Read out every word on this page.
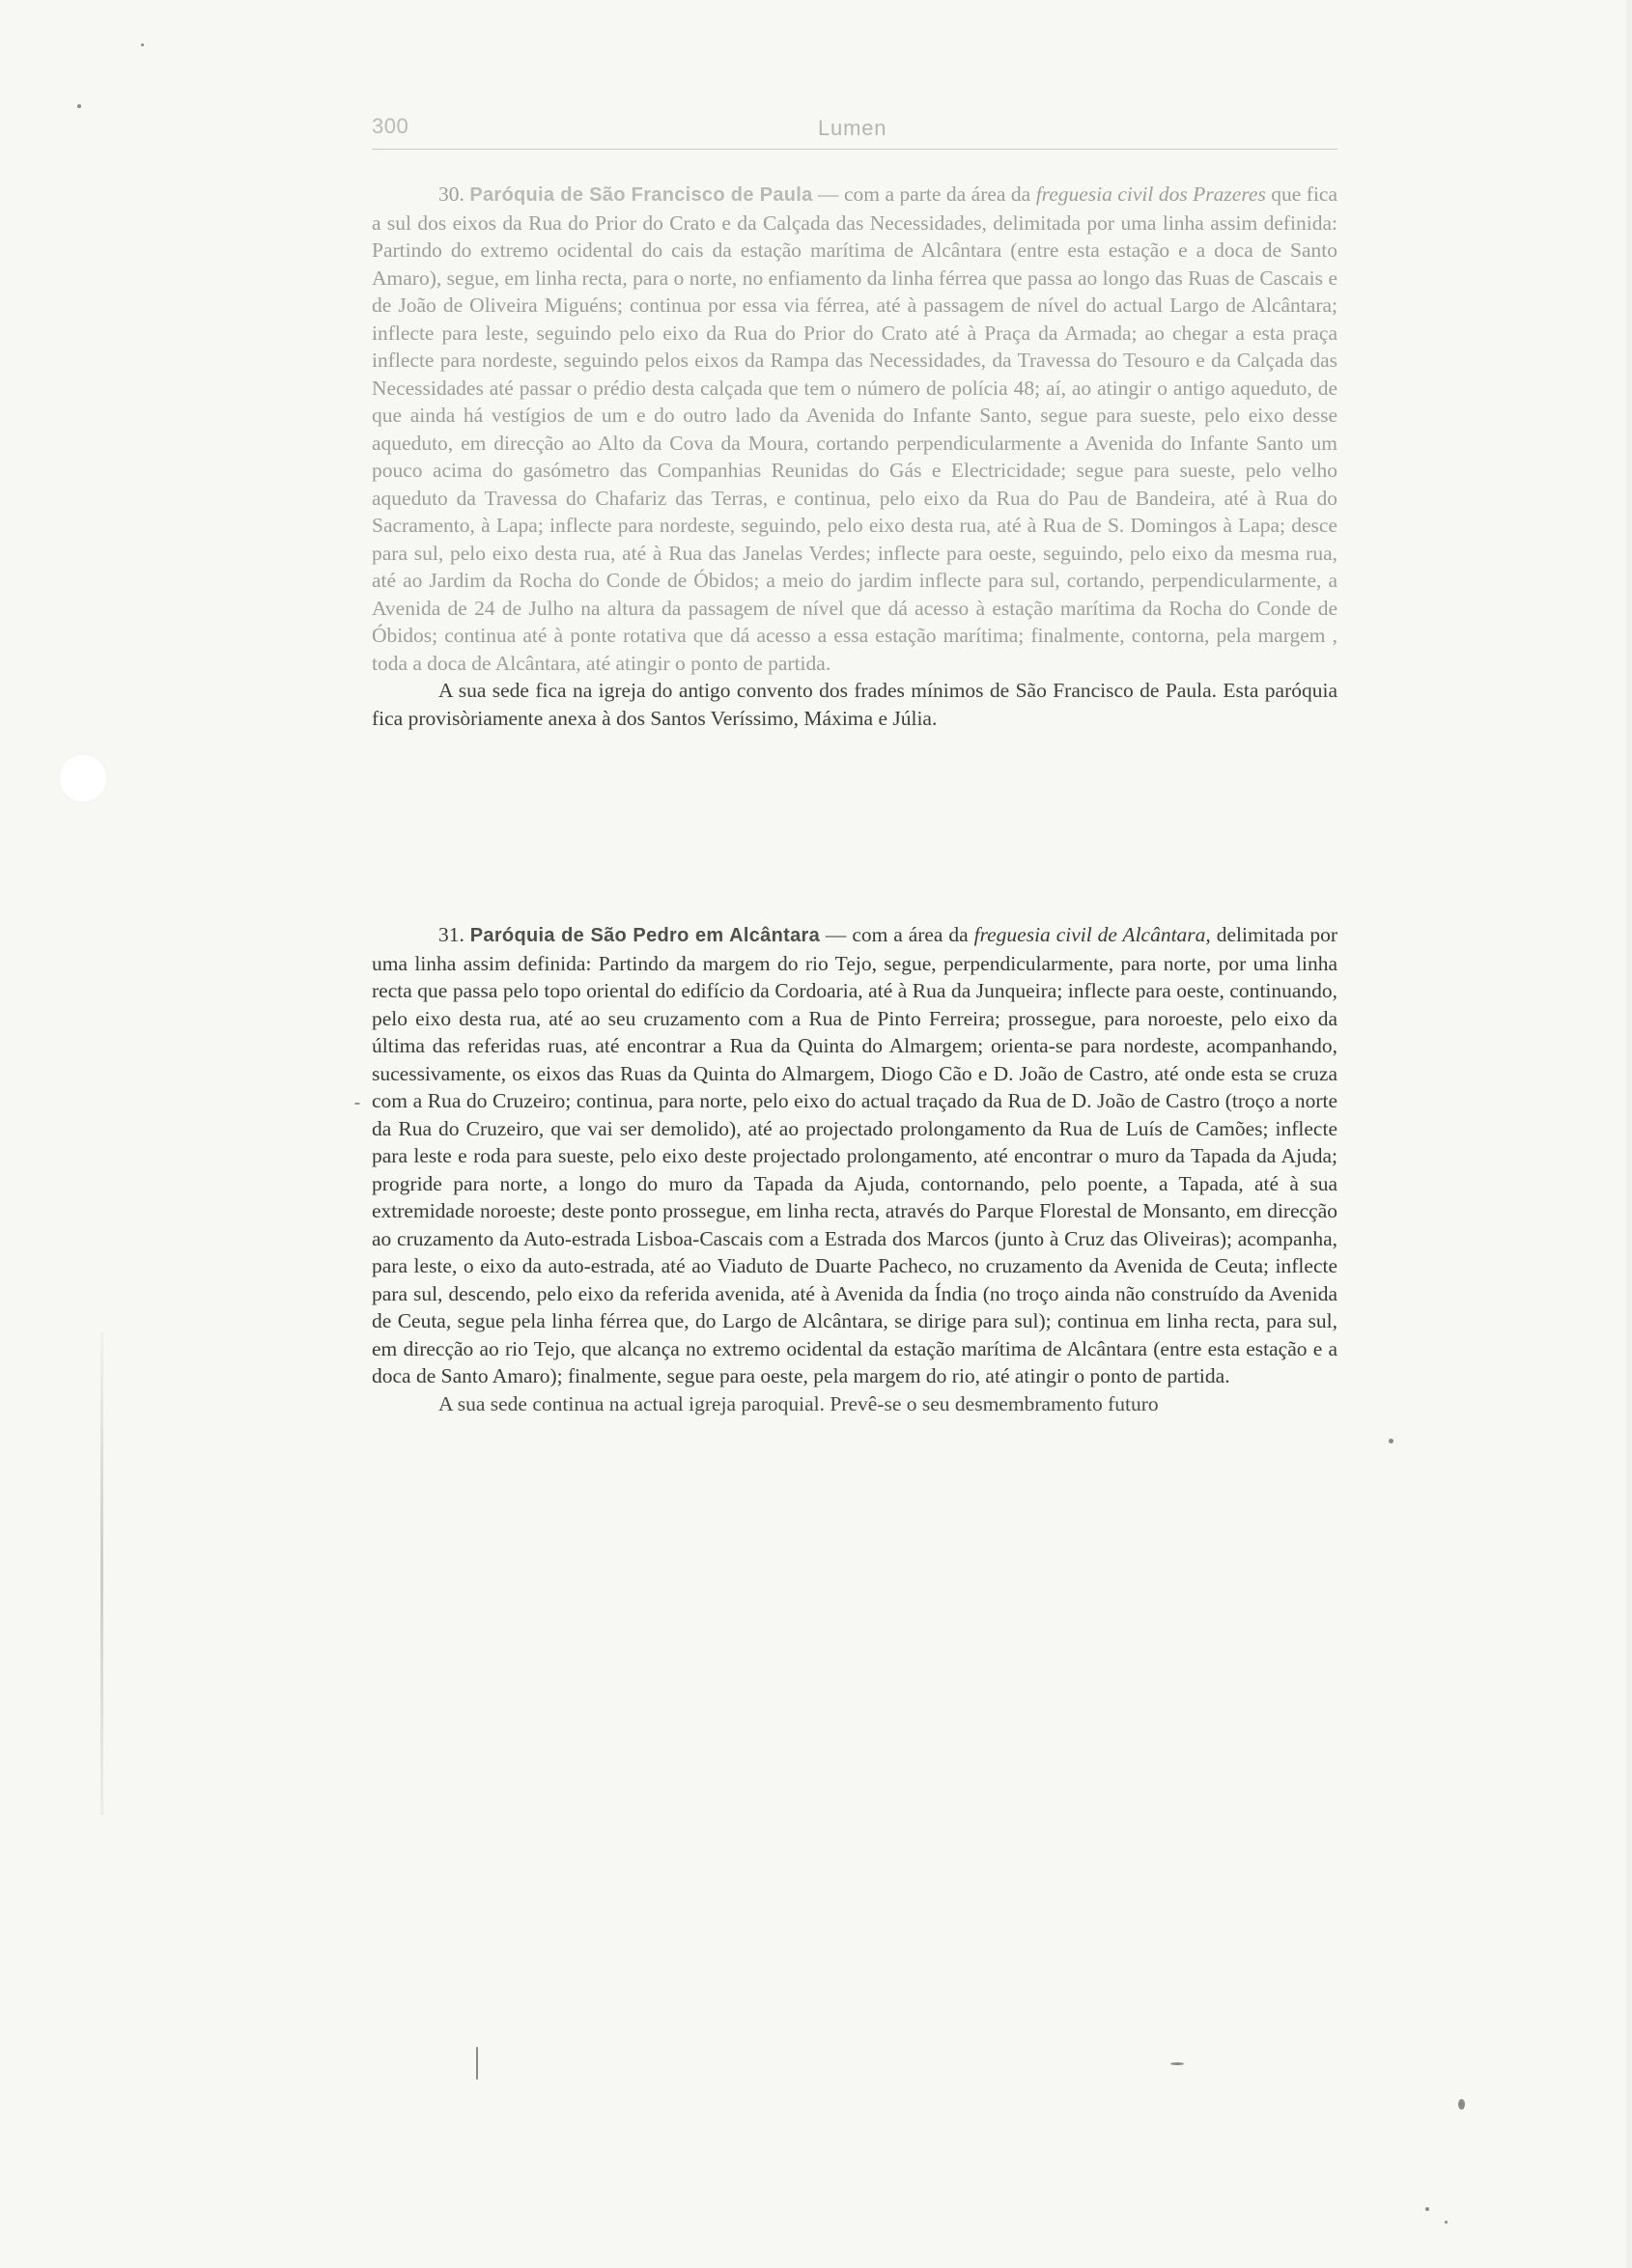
300	Lumen

30. Paróquia de São Francisco de Paula — com a parte da área da freguesia civil dos Prazeres que fica a sul dos eixos da Rua do Prior do Crato e da Calçada das Necessidades, delimitada por uma linha assim definida: Partindo do extremo ocidental do cais da estação marítima de Alcântara (entre esta estação e a doca de Santo Amaro), segue, em linha recta, para o norte, no enfiamento da linha férrea que passa ao longo das Ruas de Cascais e de João de Oliveira Miguéns; continua por essa via férrea, até à passagem de nível do actual Largo de Alcântara; inflecte para leste, seguindo pelo eixo da Rua do Prior do Crato até à Praça da Armada; ao chegar a esta praça inflecte para nordeste, seguindo pelos eixos da Rampa das Necessidades, da Travessa do Tesouro e da Calçada das Necessidades até passar o prédio desta calçada que tem o número de polícia 48; aí, ao atingir o antigo aqueduto, de que ainda há vestígios de um e do outro lado da Avenida do Infante Santo, segue para sueste, pelo eixo desse aqueduto, em direcção ao Alto da Cova da Moura, cortando perpendicularmente a Avenida do Infante Santo um pouco acima do gasómetro das Companhias Reunidas do Gás e Electricidade; segue para sueste, pelo velho aqueduto da Travessa do Chafariz das Terras, e continua, pelo eixo da Rua do Pau de Bandeira, até à Rua do Sacramento, à Lapa; inflecte para nordeste, seguindo, pelo eixo desta rua, até à Rua de S. Domingos à Lapa; desce para sul, pelo eixo desta rua, até à Rua das Janelas Verdes; inflecte para oeste, seguindo, pelo eixo da mesma rua, até ao Jardim da Rocha do Conde de Óbidos; a meio do jardim inflecte para sul, cortando, perpendicularmente, a Avenida de 24 de Julho na altura da passagem de nível que dá acesso à estação marítima da Rocha do Conde de Óbidos; continua até à ponte rotativa que dá acesso a essa estação marítima; finalmente, contorna, pela margem , toda a doca de Alcântara, até atingir o ponto de partida.

A sua sede fica na igreja do antigo convento dos frades mínimos de São Francisco de Paula. Esta paróquia fica provisòriamente anexa à dos Santos Veríssimo, Máxima e Júlia.

31. Paróquia de São Pedro em Alcântara — com a área da freguesia civil de Alcântara, delimitada por uma linha assim definida: Partindo da margem do rio Tejo, segue, perpendicularmente, para norte, por uma linha recta que passa pelo topo oriental do edifício da Cordoaria, até à Rua da Junqueira; inflecte para oeste, continuando, pelo eixo desta rua, até ao seu cruzamento com a Rua de Pinto Ferreira; prossegue, para noroeste, pelo eixo da última das referidas ruas, até encontrar a Rua da Quinta do Almargem; orienta-se para nordeste, acompanhando, sucessivamente, os eixos das Ruas da Quinta do Almargem, Diogo Cão e D. João de Castro, até onde esta se cruza com a Rua do Cruzeiro; continua, para norte, pelo eixo do actual traçado da Rua de D. João de Castro (troço a norte da Rua do Cruzeiro, que vai ser demolido), até ao projectado prolongamento da Rua de Luís de Camões; inflecte para leste e roda para sueste, pelo eixo deste projectado prolongamento, até encontrar o muro da Tapada da Ajuda; progride para norte, a longo do muro da Tapada da Ajuda, contornando, pelo poente, a Tapada, até à sua extremidade noroeste; deste ponto prossegue, em linha recta, através do Parque Florestal de Monsanto, em direcção ao cruzamento da Auto-estrada Lisboa-Cascais com a Estrada dos Marcos (junto à Cruz das Oliveiras); acompanha, para leste, o eixo da auto-estrada, até ao Viaduto de Duarte Pacheco, no cruzamento da Avenida de Ceuta; inflecte para sul, descendo, pelo eixo da referida avenida, até à Avenida da Índia (no troço ainda não construído da Avenida de Ceuta, segue pela linha férrea que, do Largo de Alcântara, se dirige para sul); continua em linha recta, para sul, em direcção ao rio Tejo, que alcança no extremo ocidental da estação marítima de Alcântara (entre esta estação e a doca de Santo Amaro); finalmente, segue para oeste, pela margem do rio, até atingir o ponto de partida.

A sua sede continua na actual igreja paroquial. Prevê-se o seu desmembramento futuro
